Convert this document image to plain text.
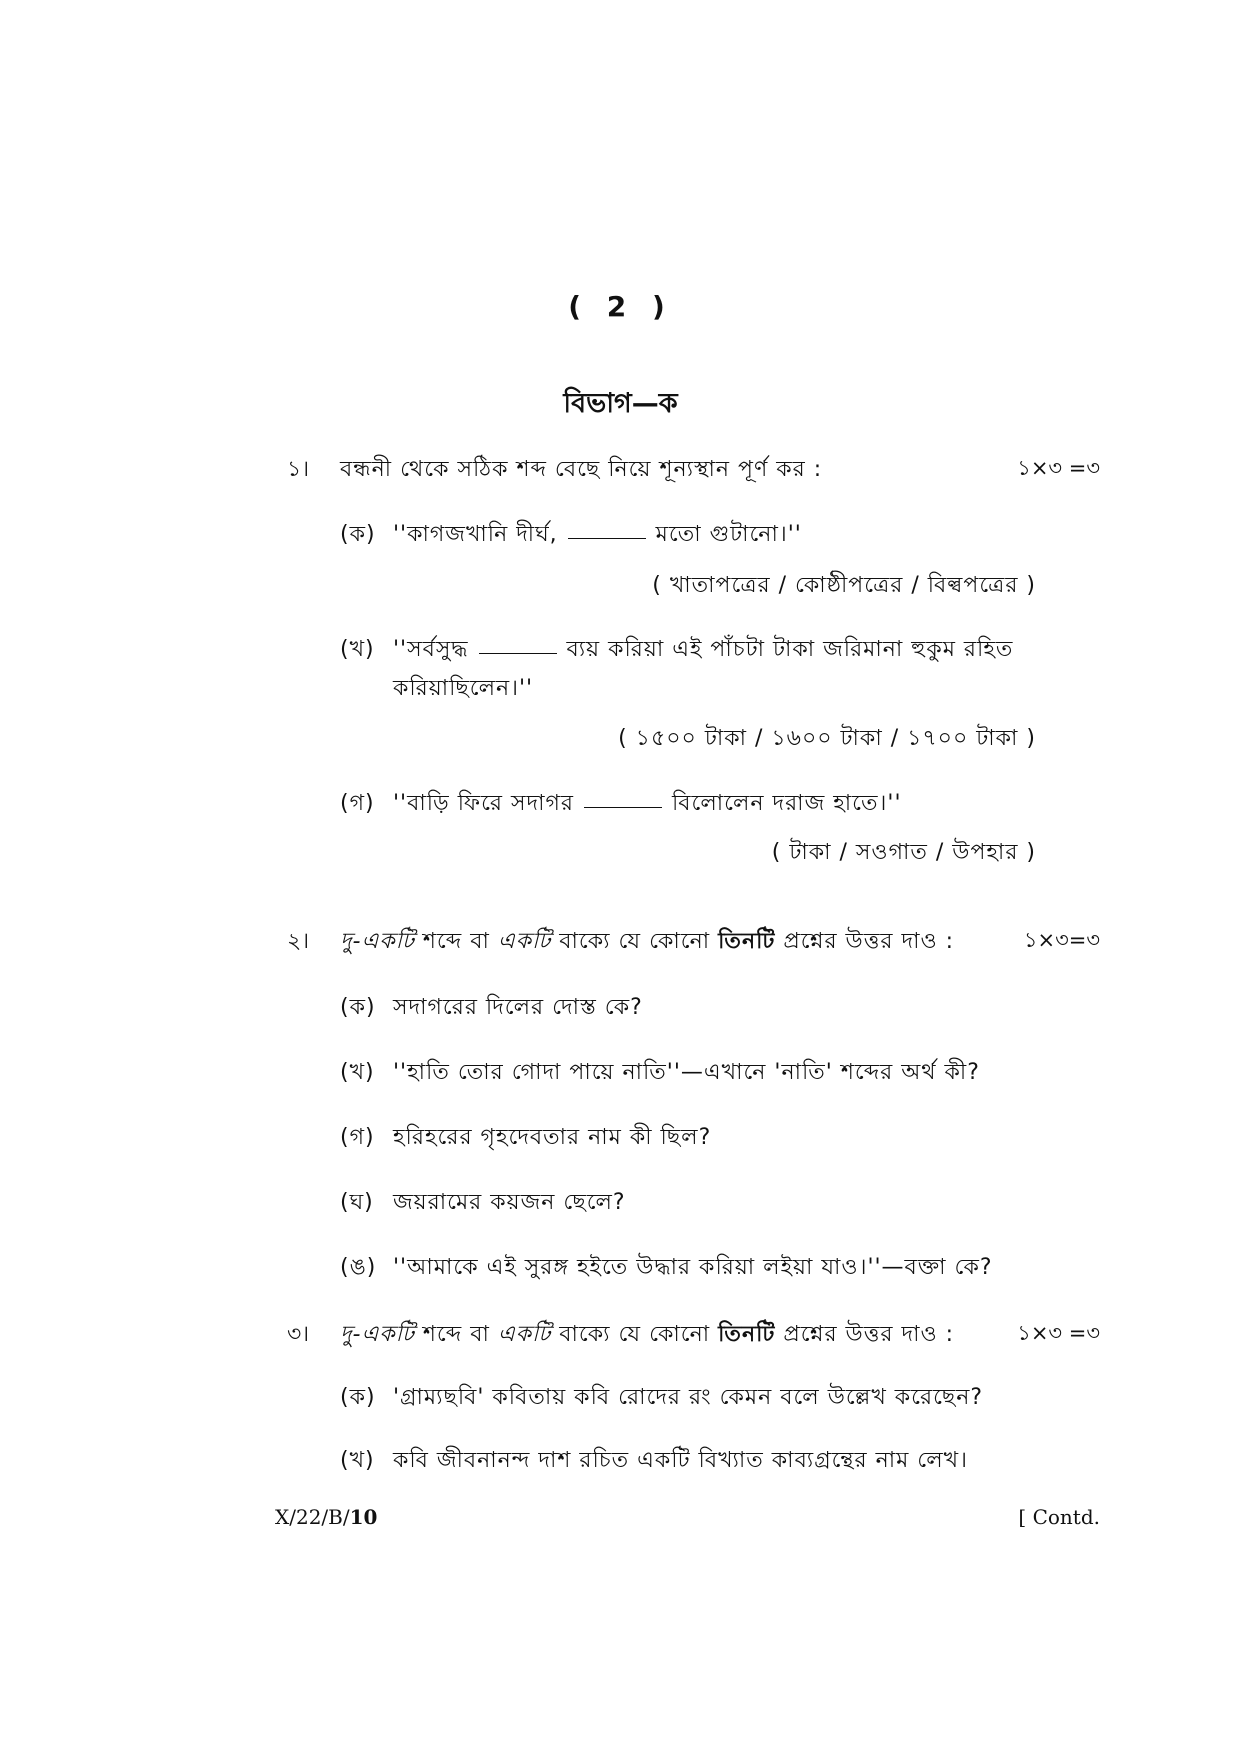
( 2 )
বিভাগ—ক
১। বন্ধনী থেকে সঠিক শব্দ বেছে নিয়ে শূন্যস্থান পূর্ণ কর :	১×৩ =৩
(ক) ''কাগজখানি দীর্ঘ,	মতো গুটানো।''
( খাতাপত্রের / কোষ্ঠীপত্রের / বিল্বপত্রের )
(খ) ''সর্বসুদ্ধ	ব্যয় করিয়া এই পাঁচটা টাকা জরিমানা হুকুম রহিত
করিয়াছিলেন।''
( ১৫০০ টাকা / ১৬০০ টাকা / ১৭০০ টাকা )
(গ) ''বাড়ি ফিরে সদাগর	বিলোলেন দরাজ হাতে।''
( টাকা / সওগাত / উপহার )
২। দু-একটি শব্দে বা একটি বাক্যে যে কোনো তিনটি প্রশ্নের উত্তর দাও :	১×৩=৩
(ক) সদাগরের দিলের দোস্ত কে?
(খ) ''হাতি তোর গোদা পায়ে নাতি''—এখানে 'নাতি' শব্দের অর্থ কী?
(গ) হরিহরের গৃহদেবতার নাম কী ছিল?
(ঘ) জয়রামের কয়জন ছেলে?
(ঙ) ''আমাকে এই সুরঙ্গ হইতে উদ্ধার করিয়া লইয়া যাও।''—বক্তা কে?
৩। দু-একটি শব্দে বা একটি বাক্যে যে কোনো তিনটি প্রশ্নের উত্তর দাও :	১×৩ =৩
(ক) 'গ্রাম্যছবি' কবিতায় কবি রোদের রং কেমন বলে উল্লেখ করেছেন?
(খ) কবি জীবনানন্দ দাশ রচিত একটি বিখ্যাত কাব্যগ্রন্থের নাম লেখ।
X/22/B/10	[ Contd.
